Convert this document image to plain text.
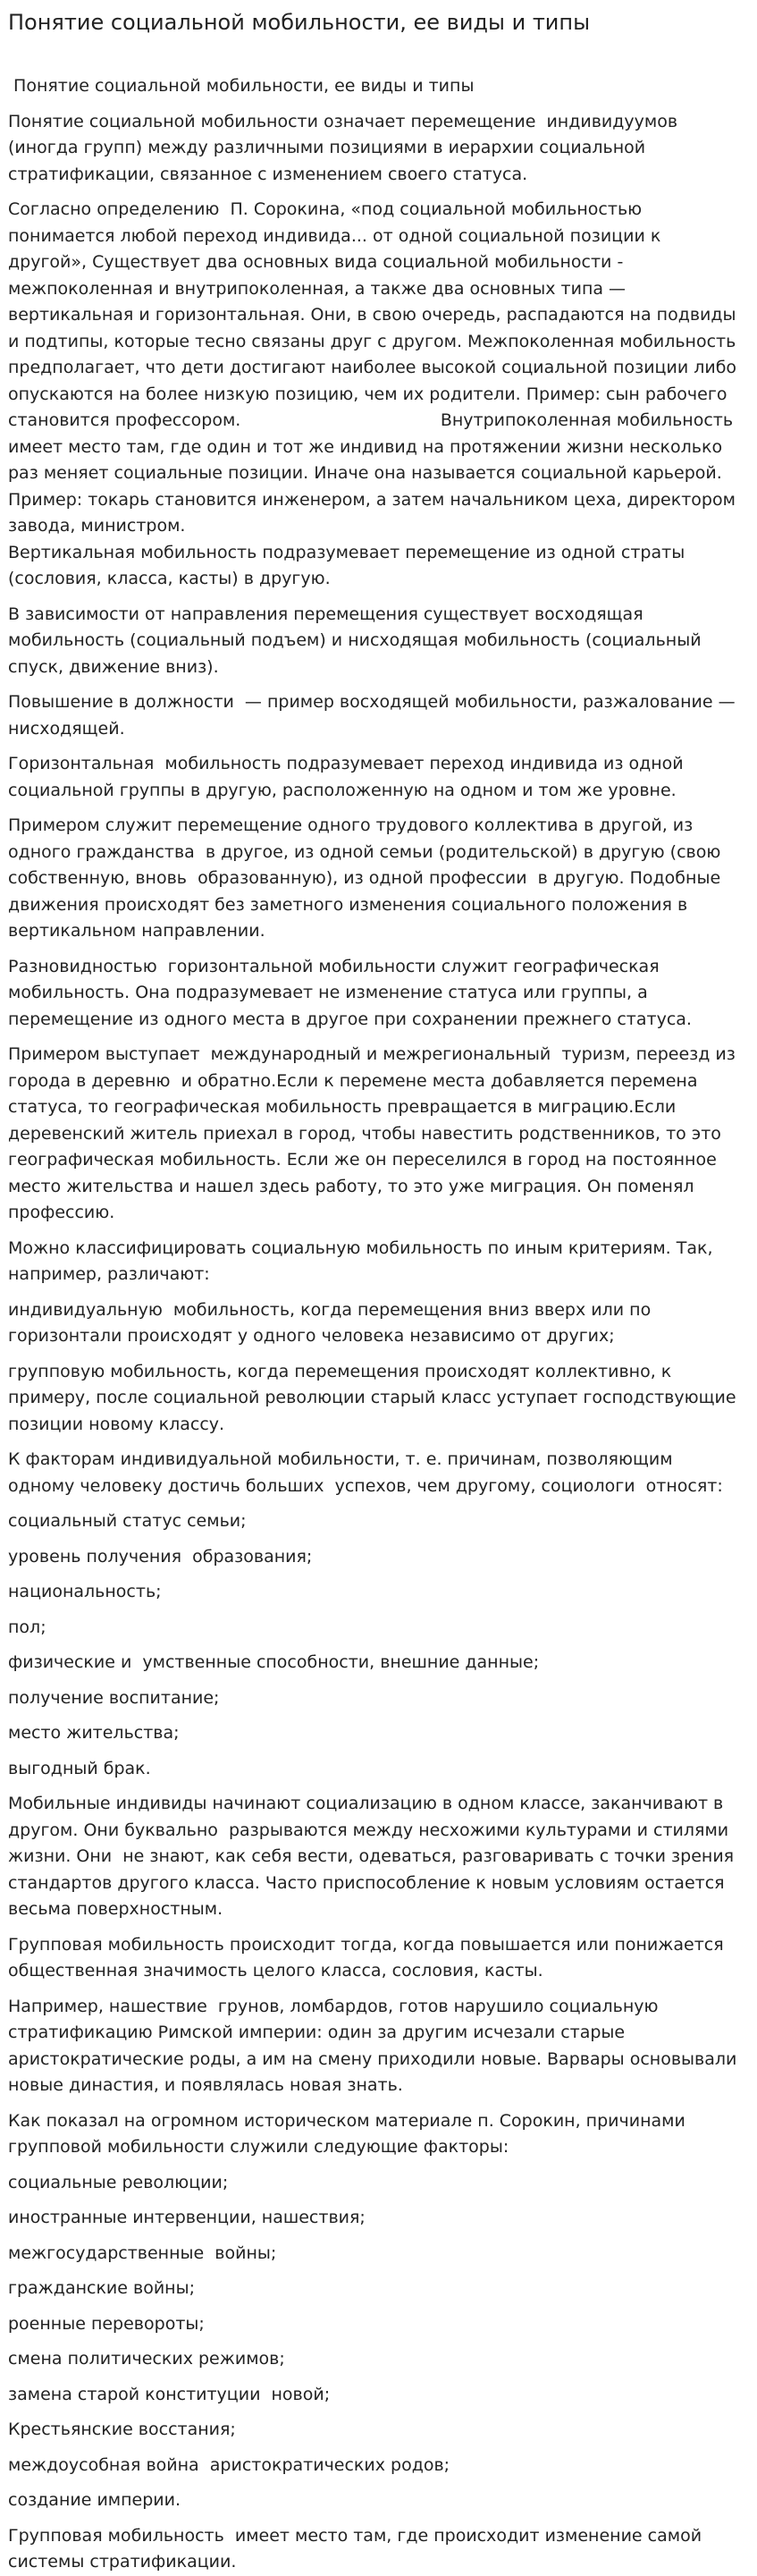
Понятие социальной мобильности, ее виды и типы

Понятие социальной мобильности, ее виды и типы

Понятие социальной мобильности означает перемещение  индивидуумов (иногда групп) между различными позициями в иерархии социальной стратификации, связанное с изменением своего статуса.

Согласно определению  П. Сорокина, «под социальной мобильностью понимается любой переход индивида... от одной социальной позиции к  другой», Существует два основных вида социальной мобильности - межпоколенная и внутрипоколенная, а также два основных типа — вертикальная и горизонтальная. Они, в свою очередь, распадаются на подвиды и подтипы, которые тесно связаны друг с другом. Межпоколенная мобильность предполагает, что дети достигают наиболее высокой социальной позиции либо опускаются на более низкую позицию, чем их родители. Пример: сын рабочего становится профессором.                                     Внутрипоколенная мобильность имеет место там, где один и тот же индивид на протяжении жизни несколько раз меняет социальные позиции. Иначе она называется социальной карьерой. Пример: токарь становится инженером, а затем начальником цеха, директором завода, министром.                                                                                     Вертикальная мобильность подразумевает перемещение из одной страты (сословия, класса, касты) в другую.

В зависимости от направления перемещения существует восходящая мобильность (социальный подъем) и нисходящая мобильность (социальный спуск, движение вниз).

Повышение в должности  — пример восходящей мобильности, разжалование — нисходящей.

Горизонтальная  мобильность подразумевает переход индивида из одной социальной группы в другую, расположенную на одном и том же уровне.

Примером служит перемещение одного трудового коллектива в другой, из одного гражданства  в другое, из одной семьи (родительской) в другую (свою собственную, вновь  образованную), из одной профессии  в другую. Подобные движения происходят без заметного изменения социального положения в вертикальном направлении.

Разновидностью  горизонтальной мобильности служит географическая мобильность. Она подразумевает не изменение статуса или группы, а перемещение из одного места в другое при сохранении прежнего статуса.

Примером выступает  международный и межрегиональный  туризм, переезд из города в деревню  и обратно.Если к перемене места добавляется перемена статуса, то географическая мобильность превращается в миграцию.Если деревенский житель приехал в город, чтобы навестить родственников, то это географическая мобильность. Если же он переселился в город на постоянное место жительства и нашел здесь работу, то это уже миграция. Он поменял профессию.

Можно классифицировать социальную мобильность по иным критериям. Так, например, различают:

индивидуальную  мобильность, когда перемещения вниз вверх или по горизонтали происходят у одного человека независимо от других;

групповую мобильность, когда перемещения происходят коллективно, к примеру, после социальной революции старый класс уступает господствующие позиции новому классу.

К факторам индивидуальной мобильности, т. е. причинам, позволяющим  одному человеку достичь больших  успехов, чем другому, социологи  относят:

социальный статус семьи;

уровень получения  образования;

национальность;

пол;

физические и  умственные способности, внешние данные;

получение воспитание;

место жительства;

выгодный брак.

Мобильные индивиды начинают социализацию в одном классе, заканчивают в другом. Они буквально  разрываются между несхожими культурами и стилями жизни. Они  не знают, как себя вести, одеваться, разговаривать с точки зрения стандартов другого класса. Часто приспособление к новым условиям остается весьма поверхностным.

Групповая мобильность происходит тогда, когда повышается или понижается общественная значимость целого класса, сословия, касты.

Например, нашествие  грунов, ломбардов, готов нарушило социальную стратификацию Римской империи: один за другим исчезали старые аристократические роды, а им на смену приходили новые. Варвары основывали новые династия, и появлялась новая знать.

Как показал на огромном историческом материале п. Сорокин, причинами групповой мобильности служили следующие факторы:

социальные революции;

иностранные интервенции, нашествия;

межгосударственные  войны;

гражданские войны;

роенные перевороты;

смена политических режимов;

замена старой конституции  новой;

Крестьянские восстания;

междоусобная война  аристократических родов;

создание империи.

Групповая мобильность  имеет место там, где происходит изменение самой системы стратификации.
